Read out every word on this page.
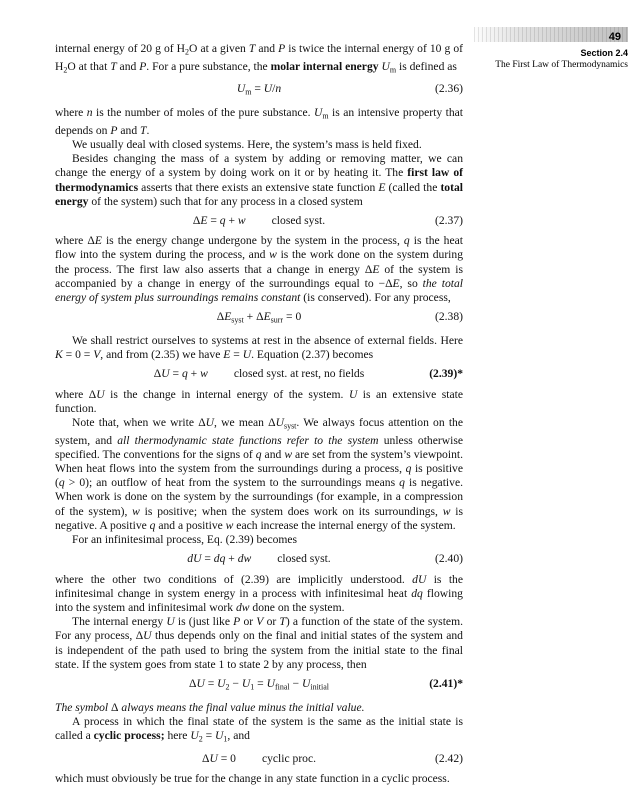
49
Section 2.4
The First Law of Thermodynamics

internal energy of 20 g of $H_2O$ at a given T and P is twice the internal energy of 10 g of $H_2O$ at that T and P. For a pure substance, the molar internal energy $U_m$ is defined as

$U_m = U/n$	(2.36)

where n is the number of moles of the pure substance. $U_m$ is an intensive property that depends on P and T.

We usually deal with closed systems. Here, the system’s mass is held fixed.

Besides changing the mass of a system by adding or removing matter, we can change the energy of a system by doing work on it or by heating it. The first law of thermodynamics asserts that there exists an extensive state function E (called the total energy of the system) such that for any process in a closed system

ΔE = q + w closed syst.	(2.37)

where ΔE is the energy change undergone by the system in the process, q is the heat flow into the system during the process, and w is the work done on the system during the process. The first law also asserts that a change in energy ΔE of the system is accompanied by a change in energy of the surroundings equal to −ΔE, so the total energy of system plus surroundings remains constant (is conserved). For any process,

$\Delta E_{syst} + \Delta E_{surr} = 0$	(2.38)

We shall restrict ourselves to systems at rest in the absence of external fields. Here K = 0 = V, and from (2.35) we have E = U. Equation (2.37) becomes

ΔU = q + w closed syst. at rest, no fields	(2.39)*

where ΔU is the change in internal energy of the system. U is an extensive state function.

Note that, when we write ΔU, we mean $\Delta U_{syst}$. We always focus attention on the system, and all thermodynamic state functions refer to the system unless otherwise specified. The conventions for the signs of q and w are set from the system’s viewpoint. When heat flows into the system from the surroundings during a process, q is positive (q > 0); an outflow of heat from the system to the surroundings means q is negative. When work is done on the system by the surroundings (for example, in a compression of the system), w is positive; when the system does work on its surroundings, w is negative. A positive q and a positive w each increase the internal energy of the system.

For an infinitesimal process, Eq. (2.39) becomes

dU = dq + dw closed syst.	(2.40)

where the other two conditions of (2.39) are implicitly understood. dU is the infinitesimal change in system energy in a process with infinitesimal heat dq flowing into the system and infinitesimal work dw done on the system.

The internal energy U is (just like P or V or T) a function of the state of the system. For any process, ΔU thus depends only on the final and initial states of the system and is independent of the path used to bring the system from the initial state to the final state. If the system goes from state 1 to state 2 by any process, then

$\Delta U = U_2 - U_1 = U_{final} - U_{initial}$	(2.41)*

The symbol Δ always means the final value minus the initial value.

A process in which the final state of the system is the same as the initial state is called a cyclic process; here $U_2 = U_1$, and

ΔU = 0 cyclic proc.	(2.42)

which must obviously be true for the change in any state function in a cyclic process.
